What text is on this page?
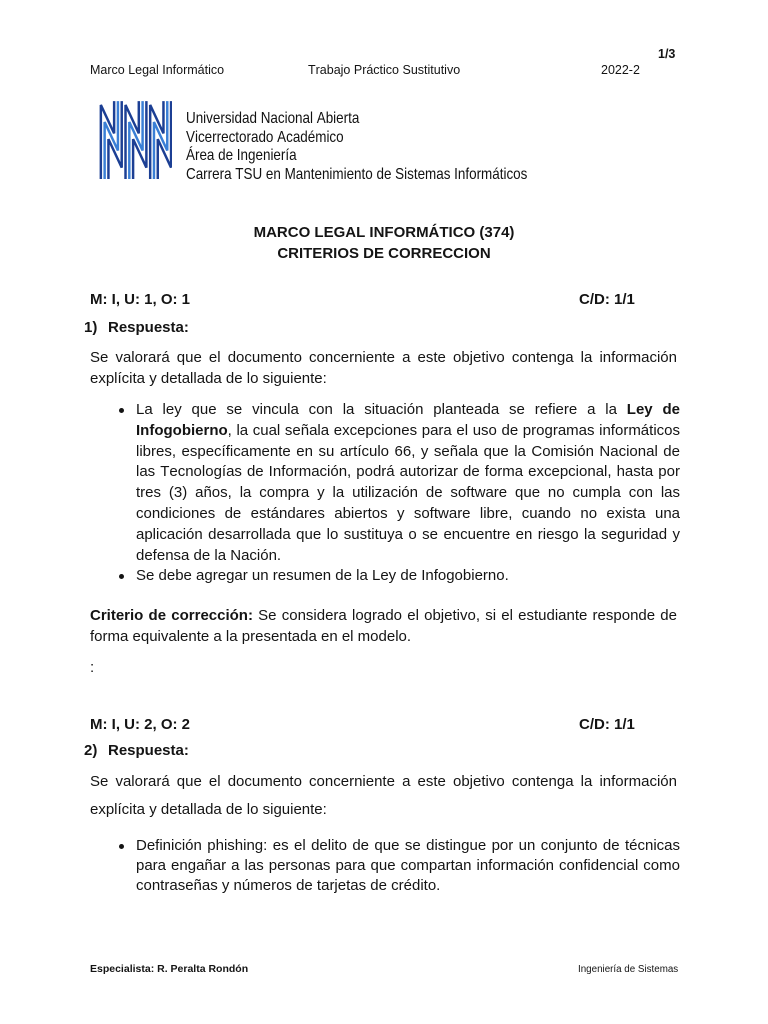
1/3
Marco Legal Informático	Trabajo Práctico Sustitutivo	2022-2
Universidad Nacional Abierta
Vicerrectorado Académico
Área de Ingeniería
Carrera TSU en Mantenimiento de Sistemas Informáticos
MARCO LEGAL INFORMÁTICO (374)
CRITERIOS DE CORRECCION
M: I, U: 1, O: 1	C/D: 1/1
1) Respuesta:

Se valorará que el documento concerniente a este objetivo contenga la información explícita y detallada de lo siguiente:

La ley que se vincula con la situación planteada se refiere a la Ley de Infogobierno, la cual señala excepciones para el uso de programas informáticos libres, específicamente en su artículo 66, y señala que la Comisión Nacional de las Tecnologías de Información, podrá autorizar de forma excepcional, hasta por tres (3) años, la compra y la utilización de software que no cumpla con las condiciones de estándares abiertos y software libre, cuando no exista una aplicación desarrollada que lo sustituya o se encuentre en riesgo la seguridad y defensa de la Nación.
Se debe agregar un resumen de la Ley de Infogobierno.

Criterio de corrección: Se considera logrado el objetivo, si el estudiante responde de forma equivalente a la presentada en el modelo.

:
M: I, U: 2, O: 2	C/D: 1/1
2) Respuesta:

Se valorará que el documento concerniente a este objetivo contenga la información explícita y detallada de lo siguiente:

Definición phishing: es el delito de que se distingue por un conjunto de técnicas para engañar a las personas para que compartan información confidencial como contraseñas y números de tarjetas de crédito.
Especialista: R. Peralta Rondón	Ingeniería de Sistemas
